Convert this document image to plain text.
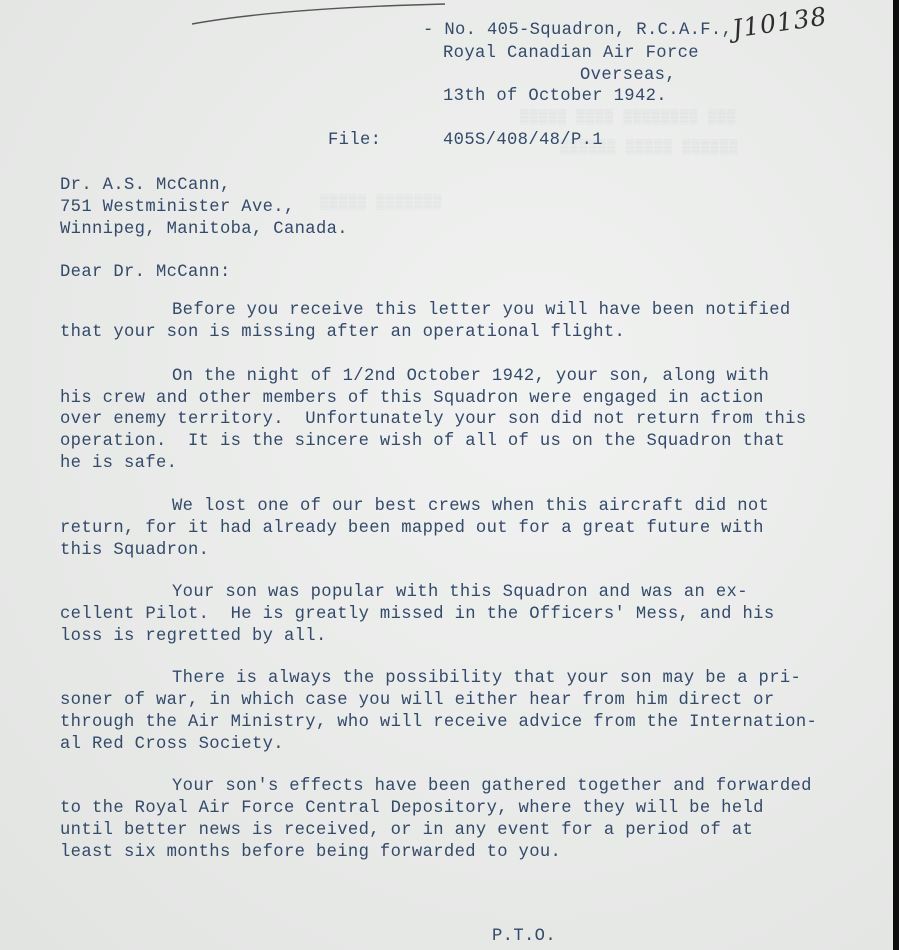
▒▒▒▒▒ ▒▒▒▒ ▒▒▒▒▒▒▒▒ ▒▒▒
▒▒▒▒▒▒ ▒▒▒▒▒ ▒▒▒▒▒▒
▒▒▒▒▒ ▒▒▒▒▒▒▒
- No. 405-Squadron, R.C.A.F.,
Royal Canadian Air Force
Overseas,
13th of October 1942.
J10138
File:	405S/408/48/P.1
Dr. A.S. McCann,
751 Westminister Ave.,
Winnipeg, Manitoba, Canada.
Dear Dr. McCann:
Before you receive this letter you will have been notified
that your son is missing after an operational flight.
On the night of 1/2nd October 1942, your son, along with
his crew and other members of this Squadron were engaged in action
over enemy territory.  Unfortunately your son did not return from this
operation.  It is the sincere wish of all of us on the Squadron that
he is safe.
We lost one of our best crews when this aircraft did not
return, for it had already been mapped out for a great future with
this Squadron.
Your son was popular with this Squadron and was an ex-
cellent Pilot.  He is greatly missed in the Officers' Mess, and his
loss is regretted by all.
There is always the possibility that your son may be a pri-
soner of war, in which case you will either hear from him direct or
through the Air Ministry, who will receive advice from the Internation-
al Red Cross Society.
Your son's effects have been gathered together and forwarded
to the Royal Air Force Central Depository, where they will be held
until better news is received, or in any event for a period of at
least six months before being forwarded to you.
P.T.O.
